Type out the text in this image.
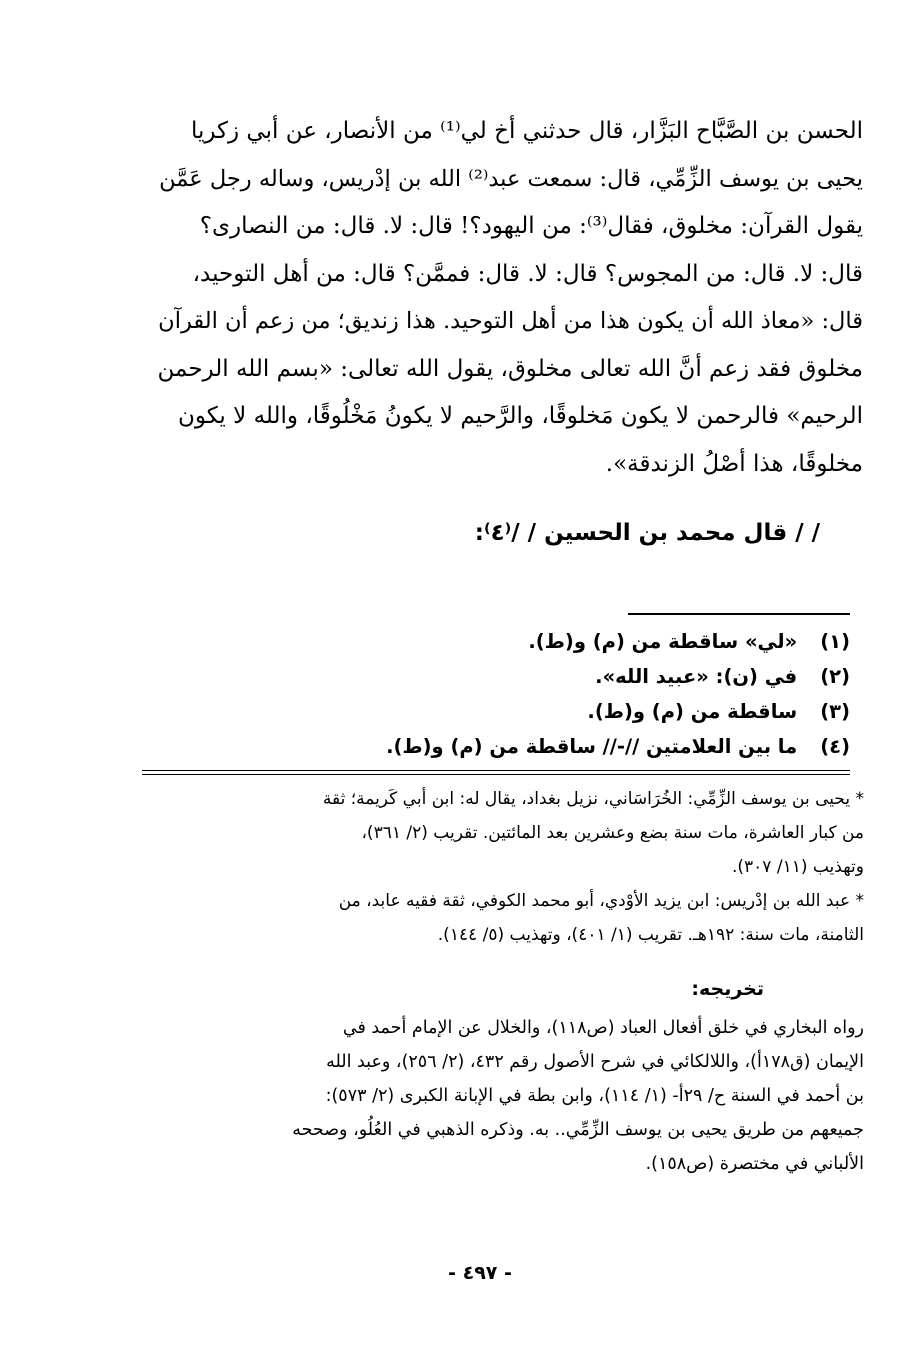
الحسن بن الصَّبَّاح البَزَّار، قال حدثني أخ لي⁽¹⁾ من الأنصار، عن أبي زكريا
يحيى بن يوسف الزِّمِّي، قال: سمعت عبد⁽²⁾ الله بن إدْريس، وساله رجل عَمَّن
يقول القرآن: مخلوق، فقال⁽³⁾: من اليهود؟! قال: لا. قال: من النصارى؟
قال: لا. قال: من المجوس؟ قال: لا. قال: فممَّن؟ قال: من أهل التوحيد،
قال: «معاذ الله أن يكون هذا من أهل التوحيد. هذا زنديق؛ من زعم أن القرآن
مخلوق فقد زعم أنَّ الله تعالى مخلوق، يقول الله تعالى: «بسم الله الرحمن
الرحيم» فالرحمن لا يكون مَخلوقًا، والرَّحيم لا يكونُ مَخْلُوقًا، والله لا يكون
مخلوقًا، هذا أصْلُ الزندقة».
/ / قال محمد بن الحسين / /⁽٤⁾:
(١) «لي» ساقطة من (م) و(ط).
(٢) في (ن): «عبيد الله».
(٣) ساقطة من (م) و(ط).
(٤) ما بين العلامتين //-// ساقطة من (م) و(ط).
* يحيى بن يوسف الزِّمِّي: الخُرَاسَاني، نزيل بغداد، يقال له: ابن أبي كَريمة؛ ثقة
من كبار العاشرة، مات سنة بضع وعشرين بعد المائتين. تقريب (٢/ ٣٦١)،
وتهذيب (١١/ ٣٠٧).
* عبد الله بن إدْريس: ابن يزيد الأوْدي، أبو محمد الكوفي، ثقة فقيه عابد، من
الثامنة، مات سنة: ١٩٢هـ. تقريب (١/ ٤٠١)، وتهذيب (٥/ ١٤٤).
تخريجه:
رواه البخاري في خلق أفعال العباد (ص١١٨)، والخلال عن الإمام أحمد في
الإيمان (ق١٧٨أ)، واللالكائي في شرح الأصول رقم ٤٣٢، (٢/ ٢٥٦)، وعبد الله
بن أحمد في السنة ح/ ٢٩أ- (١/ ١١٤)، وابن بطة في الإبانة الكبرى (٢/ ٥٧٣):
جميعهم من طريق يحيى بن يوسف الزِّمِّي.. به. وذكره الذهبي في العُلُو، وصححه
الألباني في مختصرة (ص١٥٨).
- ٤٩٧ -
